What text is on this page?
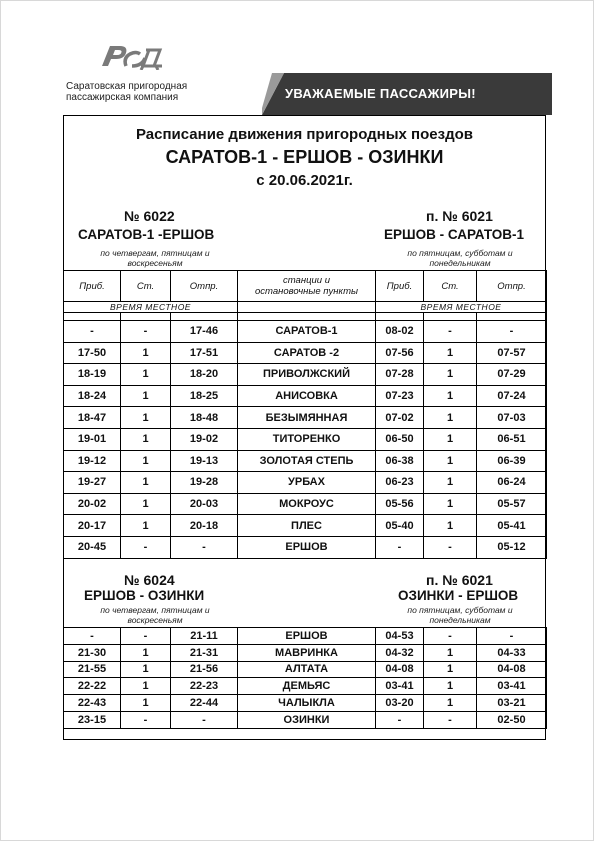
Саратовская пригородная
пассажирская компания	УВАЖАЕМЫЕ ПАССАЖИРЫ!
Расписание движения пригородных поездов
САРАТОВ-1 - ЕРШОВ - ОЗИНКИ
с 20.06.2021г.
№ 6022
САРАТОВ-1 -ЕРШОВ
по четвергам, пятницам и
воскресеньям
п. № 6021
ЕРШОВ - САРАТОВ-1
по пятницам, субботам и
понедельникам
Приб.	Ст.	Отпр.	станции и
остановочные пункты	Приб.	Ст.	Отпр.
ВРЕМЯ МЕСТНОЕ				ВРЕМЯ МЕСТНОЕ		

-	-	17-46	САРАТОВ-1	08-02	-	-
17-50	1	17-51	САРАТОВ -2	07-56	1	07-57
18-19	1	18-20	ПРИВОЛЖСКИЙ	07-28	1	07-29
18-24	1	18-25	АНИСОВКА	07-23	1	07-24
18-47	1	18-48	БЕЗЫМЯННАЯ	07-02	1	07-03
19-01	1	19-02	ТИТОРЕНКО	06-50	1	06-51
19-12	1	19-13	ЗОЛОТАЯ СТЕПЬ	06-38	1	06-39
19-27	1	19-28	УРБАХ	06-23	1	06-24
20-02	1	20-03	МОКРОУС	05-56	1	05-57
20-17	1	20-18	ПЛЕС	05-40	1	05-41
20-45	-	-	ЕРШОВ	-	-	05-12
№ 6024
ЕРШОВ - ОЗИНКИ
по четвергам, пятницам и
воскресеньям
п. № 6021
ОЗИНКИ - ЕРШОВ
по пятницам, субботам и
понедельникам
-	-	21-11	ЕРШОВ	04-53	-	-
21-30	1	21-31	МАВРИНКА	04-32	1	04-33
21-55	1	21-56	АЛТАТА	04-08	1	04-08
22-22	1	22-23	ДЕМЬЯС	03-41	1	03-41
22-43	1	22-44	ЧАЛЫКЛА	03-20	1	03-21
23-15	-	-	ОЗИНКИ	-	-	02-50
